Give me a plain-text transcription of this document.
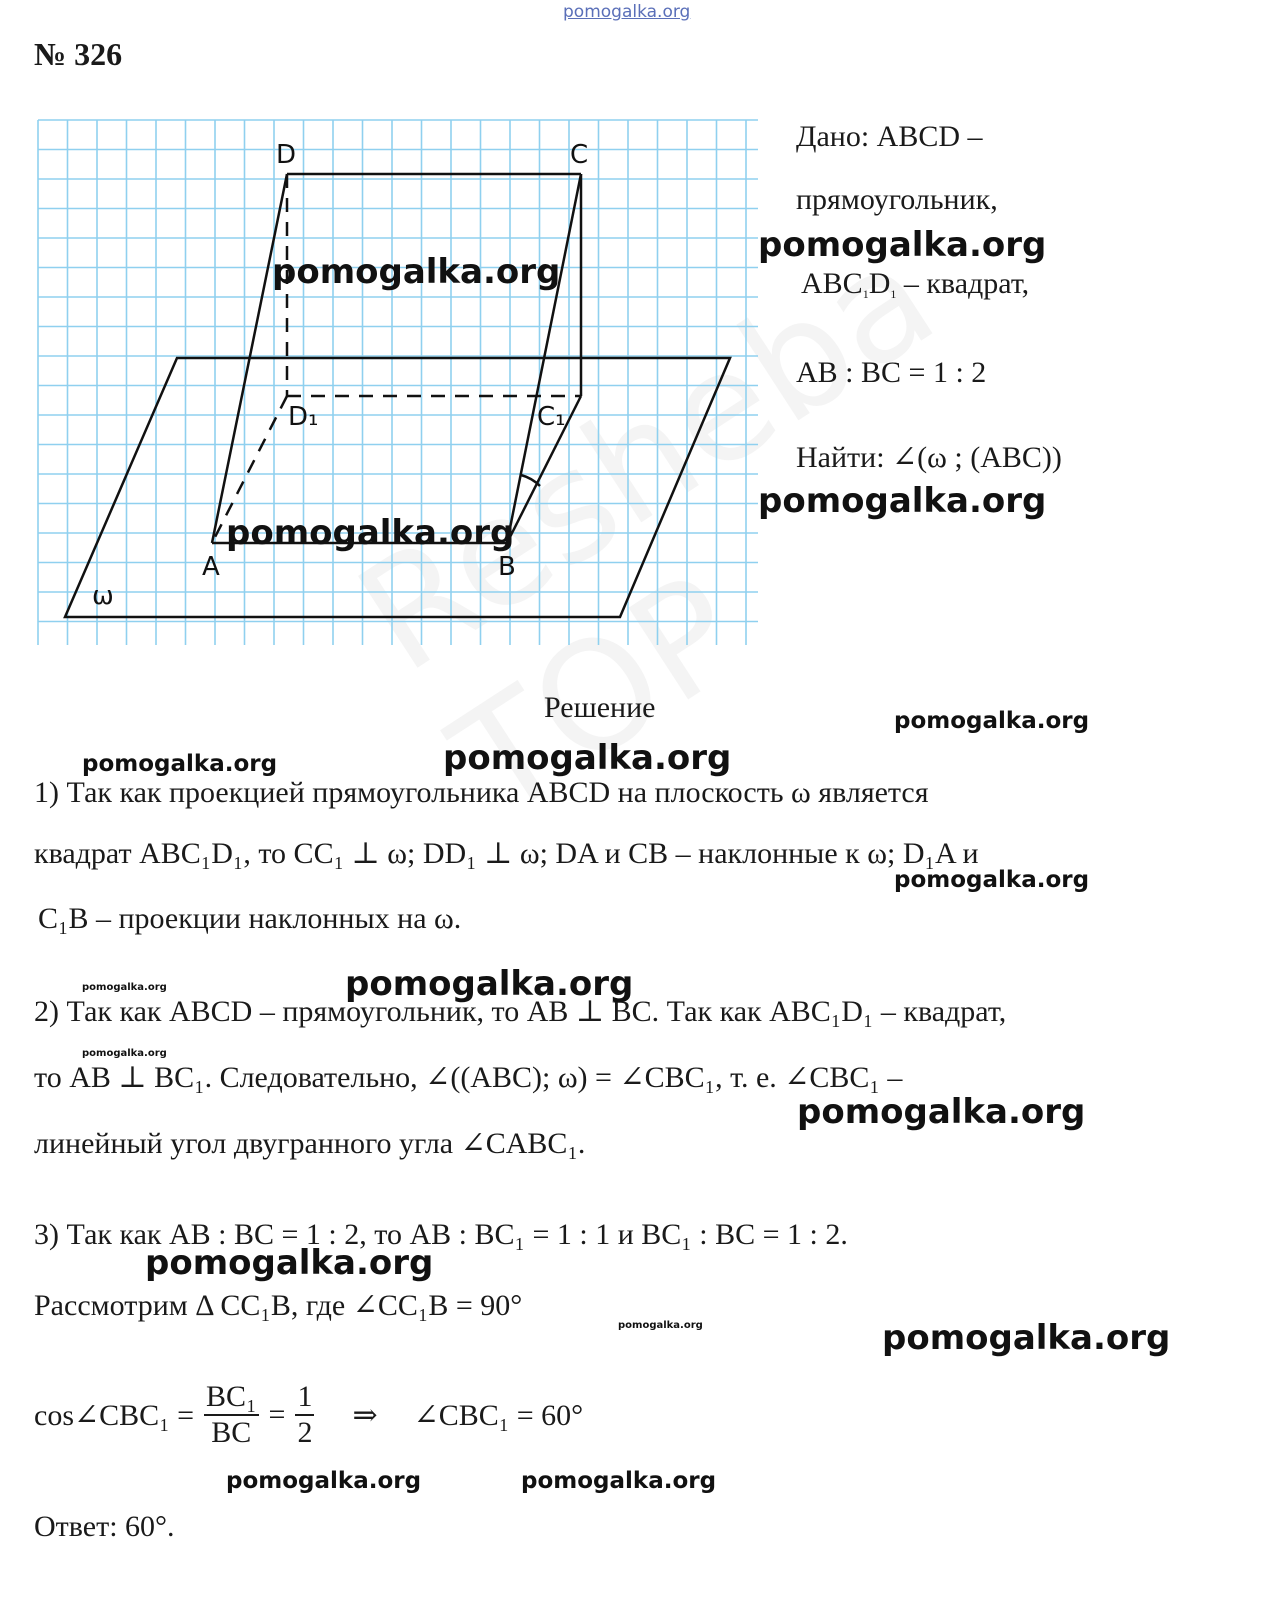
pomogalka.org
№ 326
D	C
D₁	C₁
A	B
ω
Дано: ABCD –
прямоугольник,
$ABC_1D_1$ – квадрат,
AB : BC = 1 : 2
Найти: ∠(ω ; (ABC))
Решение
1) Так как проекцией прямоугольника ABCD на плоскость ω является
квадрат ABC₁D₁, то CC₁ ⊥ ω; DD₁ ⊥ ω; DA и CB – наклонные к ω; D₁A и
C₁B – проекции наклонных на ω.
2) Так как ABCD – прямоугольник, то AB ⊥ BC. Так как ABC₁D₁ – квадрат,
то AB ⊥ BC₁. Следовательно, ∠((ABC); ω) = ∠CBC₁, т. е. ∠CBC₁ –
линейный угол двугранного угла ∠CABC₁.
3) Так как AB : BC = 1 : 2, то AB : BC₁ = 1 : 1 и BC₁ : BC = 1 : 2.
Рассмотрим Δ CC₁B, где ∠CC₁B = 90°
cos∠CBC₁ = $\frac{\text{BC₁}}{BC} = \frac{1}{2}$ ⇒ ∠CBC₁ = 60°
Ответ: 60°.
pomogalka.org
pomogalka.org
pomogalka.org
pomogalka.org
pomogalka.org
pomogalka.org
pomogalka.org
pomogalka.org
pomogalka.org	pomogalka.org
pomogalka.org
pomogalka.org
pomogalka.org
pomogalka.org	pomogalka.org
pomogalka.org	pomogalka.org
